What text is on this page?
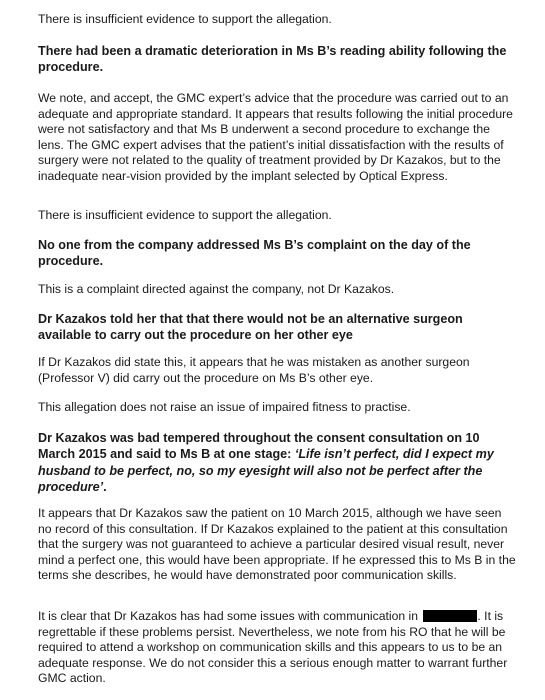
There is insufficient evidence to support the allegation.

There had been a dramatic deterioration in Ms B’s reading ability following the procedure.

We note, and accept, the GMC expert’s advice that the procedure was carried out to an adequate and appropriate standard. It appears that results following the initial procedure were not satisfactory and that Ms B underwent a second procedure to exchange the lens. The GMC expert advises that the patient’s initial dissatisfaction with the results of surgery were not related to the quality of treatment provided by Dr Kazakos, but to the inadequate near-vision provided by the implant selected by Optical Express.

There is insufficient evidence to support the allegation.

No one from the company addressed Ms B’s complaint on the day of the procedure.

This is a complaint directed against the company, not Dr Kazakos.

Dr Kazakos told her that that there would not be an alternative surgeon available to carry out the procedure on her other eye

If Dr Kazakos did state this, it appears that he was mistaken as another surgeon (Professor V) did carry out the procedure on Ms B’s other eye.

This allegation does not raise an issue of impaired fitness to practise.

Dr Kazakos was bad tempered throughout the consent consultation on 10 March 2015 and said to Ms B at one stage: ‘Life isn’t perfect, did I expect my husband to be perfect, no, so my eyesight will also not be perfect after the procedure’.

It appears that Dr Kazakos saw the patient on 10 March 2015, although we have seen no record of this consultation. If Dr Kazakos explained to the patient at this consultation that the surgery was not guaranteed to achieve a particular desired visual result, never mind a perfect one, this would have been appropriate. If he expressed this to Ms B in the terms she describes, he would have demonstrated poor communication skills.

It is clear that Dr Kazakos has had some issues with communication in	. It is regrettable if these problems persist. Nevertheless, we note from his RO that he will be required to attend a workshop on communication skills and this appears to us to be an adequate response. We do not consider this a serious enough matter to warrant further GMC action.
